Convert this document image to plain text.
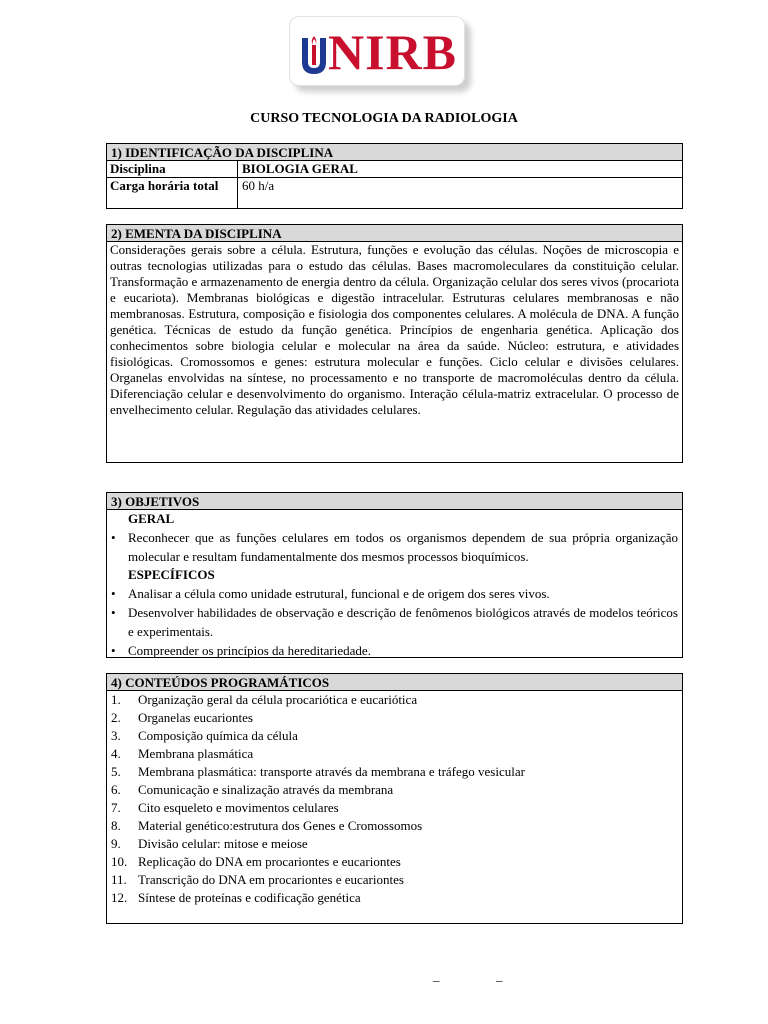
NIRB
CURSO TECNOLOGIA DA RADIOLOGIA
1) IDENTIFICAÇÃO DA DISCIPLINA
Disciplina	BIOLOGIA GERAL
Carga horária total	60 h/a
2) EMENTA DA DISCIPLINA
Considerações gerais sobre a célula. Estrutura, funções e evolução das células. Noções de microscopia e outras tecnologias utilizadas para o estudo das células. Bases macromoleculares da constituição celular. Transformação e armazenamento de energia dentro da célula. Organização celular dos seres vivos (procariota e eucariota). Membranas biológicas e digestão intracelular. Estruturas celulares membranosas e não membranosas. Estrutura, composição e fisiologia dos componentes celulares. A molécula de DNA. A função genética. Técnicas de estudo da função genética. Princípios de engenharia genética. Aplicação dos conhecimentos sobre biologia celular e molecular na área da saúde. Núcleo: estrutura, e atividades fisiológicas. Cromossomos e genes: estrutura molecular e funções. Ciclo celular e divisões celulares. Organelas envolvidas na síntese, no processamento e no transporte de macromoléculas dentro da célula. Diferenciação celular e desenvolvimento do organismo. Interação célula-matriz extracelular. O processo de envelhecimento celular. Regulação das atividades celulares.
3) OBJETIVOS
GERAL
• Reconhecer que as funções celulares em todos os organismos dependem de sua própria organização molecular e resultam fundamentalmente dos mesmos processos bioquímicos.
ESPECÍFICOS
• Analisar a célula como unidade estrutural, funcional e de origem dos seres vivos.
• Desenvolver habilidades de observação e descrição de fenômenos biológicos através de modelos teóricos e experimentais.
• Compreender os princípios da hereditariedade.
4) CONTEÚDOS PROGRAMÁTICOS
1.	Organização geral da célula procariótica e eucariótica
2.	Organelas eucariontes
3.	Composição química da célula
4.	Membrana plasmática
5.	Membrana plasmática: transporte através da membrana e tráfego vesicular
6.	Comunicação e sinalização através da membrana
7.	Cito esqueleto e movimentos celulares
8.	Material genético:estrutura dos Genes e Cromossomos
9.	Divisão celular: mitose e meiose
10. Replicação do DNA em procariontes e eucariontes
11. Transcrição do DNA em procariontes e eucariontes
12. Síntese de proteínas e codificação genética
_	_
